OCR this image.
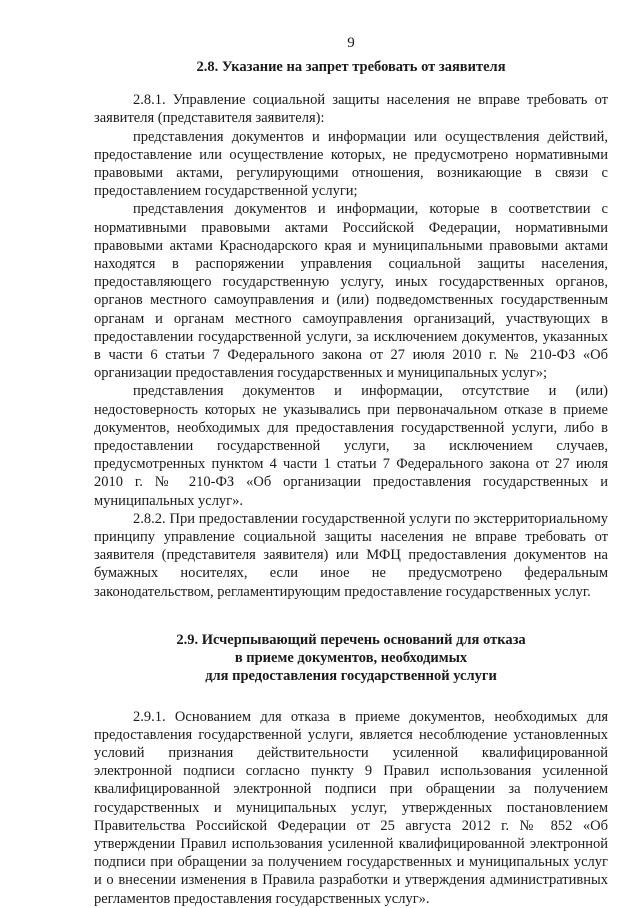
9
2.8. Указание на запрет требовать от заявителя

2.8.1. Управление социальной защиты населения не вправе требовать от заявителя (представителя заявителя):

представления документов и информации или осуществления действий, предоставление или осуществление которых, не предусмотрено нормативными правовыми актами, регулирующими отношения, возникающие в связи с предоставлением государственной услуги;

представления документов и информации, которые в соответствии с нормативными правовыми актами Российской Федерации, нормативными правовыми актами Краснодарского края и муниципальными правовыми актами находятся в распоряжении управления социальной защиты населения, предоставляющего государственную услугу, иных государственных органов, органов местного самоуправления и (или) подведомственных государственным органам и органам местного самоуправления организаций, участвующих в предоставлении государственной услуги, за исключением документов, указанных в части 6 статьи 7 Федерального закона от 27 июля 2010 г. № 210-ФЗ «Об организации предоставления государственных и муниципальных услуг»;

представления документов и информации, отсутствие и (или) недостоверность которых не указывались при первоначальном отказе в приеме документов, необходимых для предоставления государственной услуги, либо в предоставлении государственной услуги, за исключением случаев, предусмотренных пунктом 4 части 1 статьи 7 Федерального закона от 27 июля 2010 г. № 210-ФЗ «Об организации предоставления государственных и муниципальных услуг».

2.8.2. При предоставлении государственной услуги по экстерриториальному принципу управление социальной защиты населения не вправе требовать от заявителя (представителя заявителя) или МФЦ предоставления документов на бумажных носителях, если иное не предусмотрено федеральным законодательством, регламентирующим предоставление государственных услуг.

2.9. Исчерпывающий перечень оснований для отказа
в приеме документов, необходимых
для предоставления государственной услуги

2.9.1. Основанием для отказа в приеме документов, необходимых для предоставления государственной услуги, является несоблюдение установленных условий признания действительности усиленной квалифицированной электронной подписи согласно пункту 9 Правил использования усиленной квалифицированной электронной подписи при обращении за получением государственных и муниципальных услуг, утвержденных постановлением Правительства Российской Федерации от 25 августа 2012 г. № 852 «Об утверждении Правил использования усиленной квалифицированной электронной подписи при обращении за получением государственных и муниципальных услуг и о внесении изменения в Правила разработки и утверждения административных регламентов предоставления государственных услуг».
